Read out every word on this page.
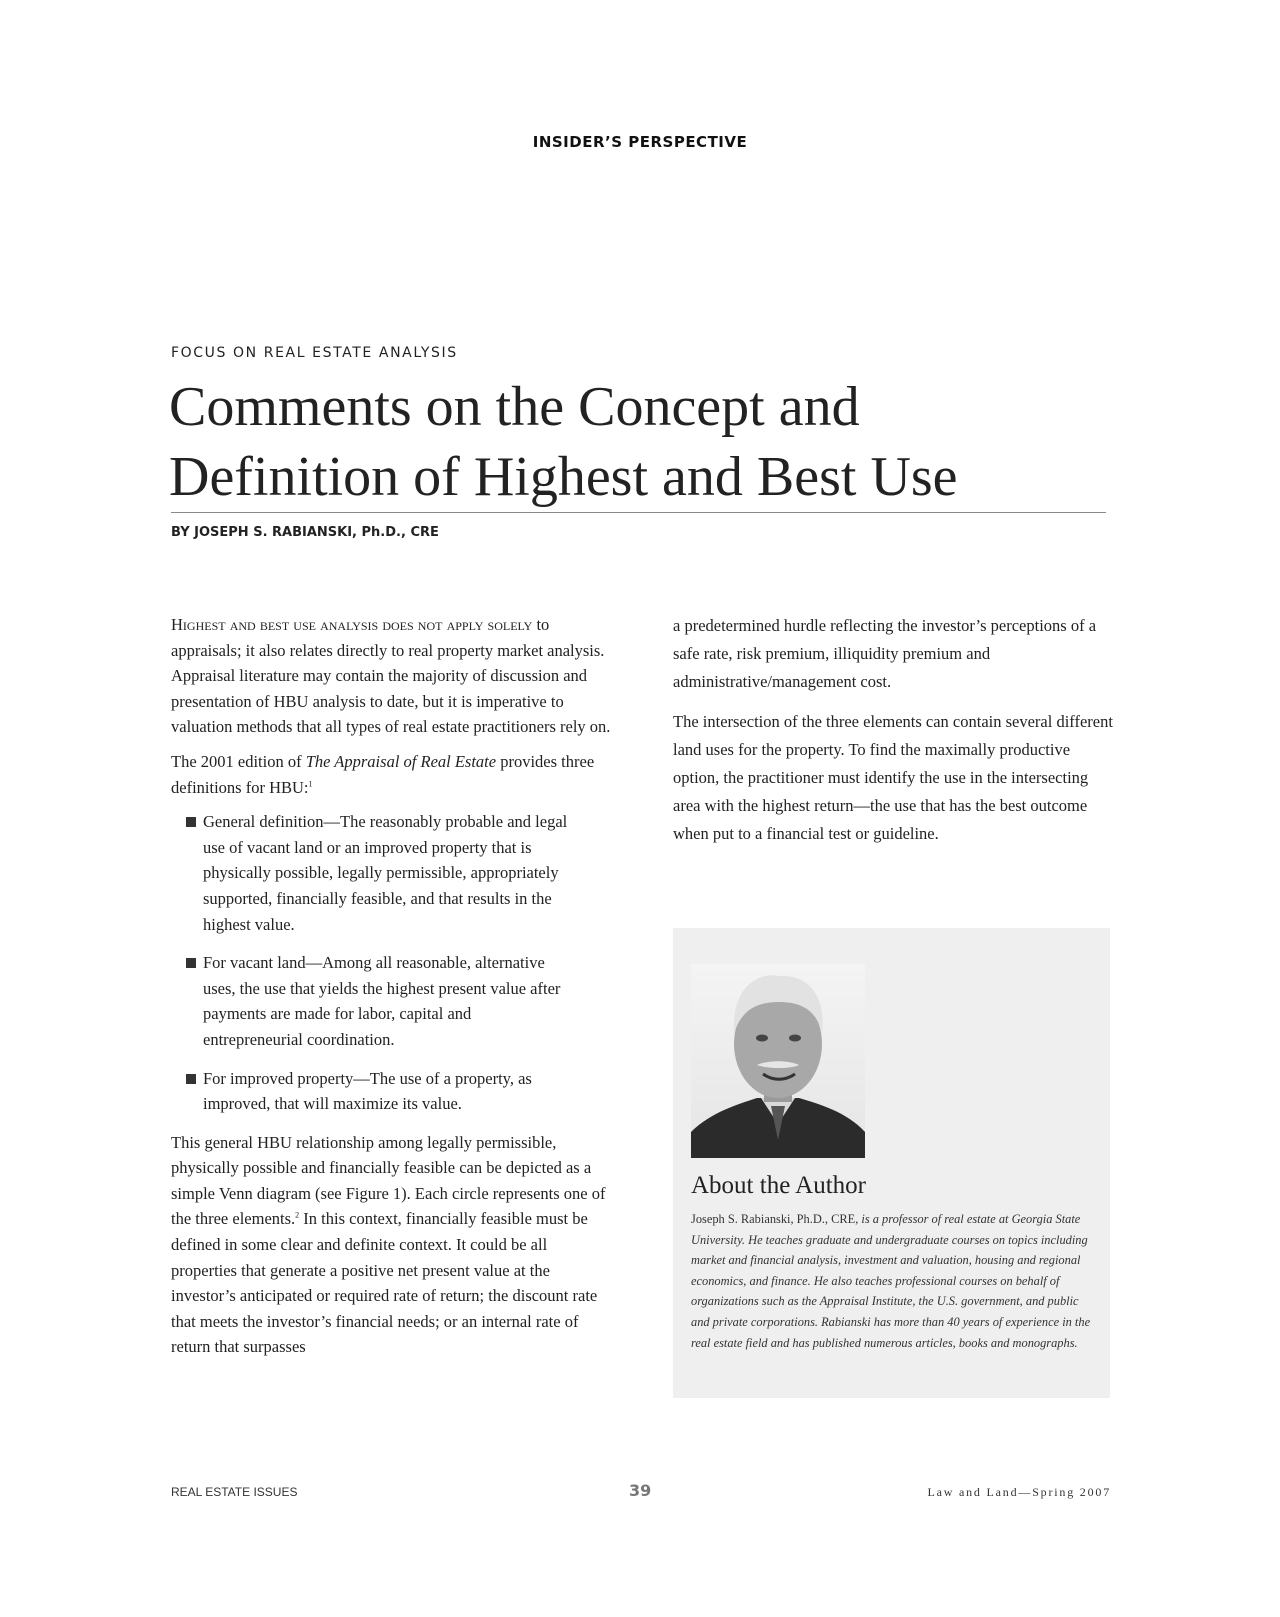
INSIDER’S PERSPECTIVE
FOCUS ON REAL ESTATE ANALYSIS
Comments on the Concept and
Definition of Highest and Best Use
BY JOSEPH S. RABIANSKI, Ph.D., CRE

Highest and best use analysis does not apply solely to appraisals; it also relates directly to real property market analysis. Appraisal literature may contain the majority of discussion and presentation of HBU analysis to date, but it is imperative to valuation methods that all types of real estate practitioners rely on.

The 2001 edition of The Appraisal of Real Estate provides three definitions for HBU:$^1$

General definition—The reasonably probable and legal use of vacant land or an improved property that is physically possible, legally permissible, appropriately supported, financially feasible, and that results in the highest value.
For vacant land—Among all reasonable, alternative uses, the use that yields the highest present value after payments are made for labor, capital and entrepreneurial coordination.
For improved property—The use of a property, as improved, that will maximize its value.

This general HBU relationship among legally permissible, physically possible and financially feasible can be depicted as a simple Venn diagram (see Figure 1). Each circle represents one of the three elements.$^2$ In this context, financially feasible must be defined in some clear and definite context. It could be all properties that generate a positive net present value at the investor’s anticipated or required rate of return; the discount rate that meets the investor’s financial needs; or an internal rate of return that surpasses

a predetermined hurdle reflecting the investor’s perceptions of a safe rate, risk premium, illiquidity premium and administrative/management cost.

The intersection of the three elements can contain several different land uses for the property. To find the maximally productive option, the practitioner must identify the use in the intersecting area with the highest return—the use that has the best outcome when put to a financial test or guideline.

About the Author
Joseph S. Rabianski, Ph.D., CRE, is a professor of real estate at Georgia State University. He teaches graduate and undergraduate courses on topics including market and financial analysis, investment and valuation, housing and regional economics, and finance. He also teaches professional courses on behalf of organizations such as the Appraisal Institute, the U.S. government, and public and private corporations. Rabianski has more than 40 years of experience in the real estate field and has published numerous articles, books and monographs.
REAL ESTATE ISSUES	39	Law and Land—Spring 2007
